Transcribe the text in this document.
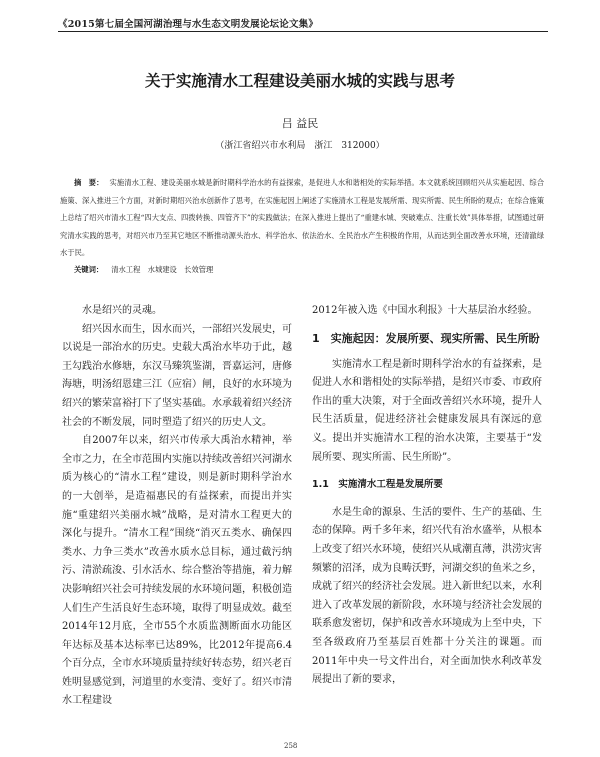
《2015第七届全国河湖治理与水生态文明发展论坛论文集》
关于实施清水工程建设美丽水城的实践与思考
吕 益民
（浙江省绍兴市水利局　浙江　312000）
摘　要： 实施清水工程、建设美丽水城是新时期科学治水的有益探索，是促进人水和谐相处的实际举措。本文就系统回顾绍兴从实施起因、综合施策、深入推进三个方面，对新时期绍兴治水创新作了思考，在实施起因上阐述了实施清水工程是发展所需、现实所需、民生所盼的观点；在综合施策上总结了绍兴市清水工程“四大支点、四拨转换、四管齐下”的实践做法；在深入推进上提出了“重建水城、突破难点、注重长效”具体举措，试图通过研究清水实践的思考，对绍兴市乃至其它地区不断推动源头治水、科学治水、依法治水、全民治水产生积极的作用，从而达到全面改善水环境，还清澈绿水于民。
关键词： 清水工程　水城建设　长效管理

水是绍兴的灵魂。

绍兴因水而生，因水而兴，一部绍兴发展史，可以说是一部治水的历史。史载大禹治水毕功于此，越王勾践治水修塘，东汉马臻筑鉴湖，晋嘉运河，唐修海塘，明汤绍恩建三江（应宿）闸，良好的水环境为绍兴的繁荣富裕打下了坚实基础。水承载着绍兴经济社会的不断发展，同时塑造了绍兴的历史人文。

自2007年以来，绍兴市传承大禹治水精神，举全市之力，在全市范围内实施以持续改善绍兴河湖水质为核心的“清水工程”建设，则是新时期科学治水的一大创举，是造福惠民的有益探索，而提出并实施“重建绍兴美丽水城”战略，是对清水工程更大的深化与提升。“清水工程”围绕“消灭五类水、确保四类水、力争三类水”改善水质水总目标，通过截污纳污、清淤疏浚、引水活水、综合整治等措施，着力解决影响绍兴社会可持续发展的水环境问题，积极创造人们生产生活良好生态环境，取得了明显成效。截至2014年12月底，全市55个水质监测断面水功能区年达标及基本达标率已达89%，比2012年提高6.4个百分点，全市水环境质量持续好转态势，绍兴老百姓明显感觉到，河道里的水变清、变好了。绍兴市清水工程建设

2012年被入选《中国水利报》十大基层治水经验。

1　实施起因：发展所要、现实所需、民生所盼

实施清水工程是新时期科学治水的有益探索，是促进人水和谐相处的实际举措，是绍兴市委、市政府作出的重大决策，对于全面改善绍兴水环境，提升人民生活质量，促进经济社会健康发展具有深远的意义。提出并实施清水工程的治水决策，主要基于“发展所要、现实所需、民生所盼”。

1.1　实施清水工程是发展所要

水是生命的源泉、生活的要件、生产的基础、生态的保障。两千多年来，绍兴代有治水盛举，从根本上改变了绍兴水环境，使绍兴从咸潮直薄，洪涝灾害频繁的沼泽，成为良畴沃野，河湖交织的鱼米之乡，成就了绍兴的经济社会发展。进入新世纪以来，水利进入了改革发展的新阶段，水环境与经济社会发展的联系愈发密切，保护和改善水环境成为上至中央，下至各级政府乃至基层百姓都十分关注的课题。而2011年中央一号文件出台，对全面加快水利改革发展提出了新的要求，

258
